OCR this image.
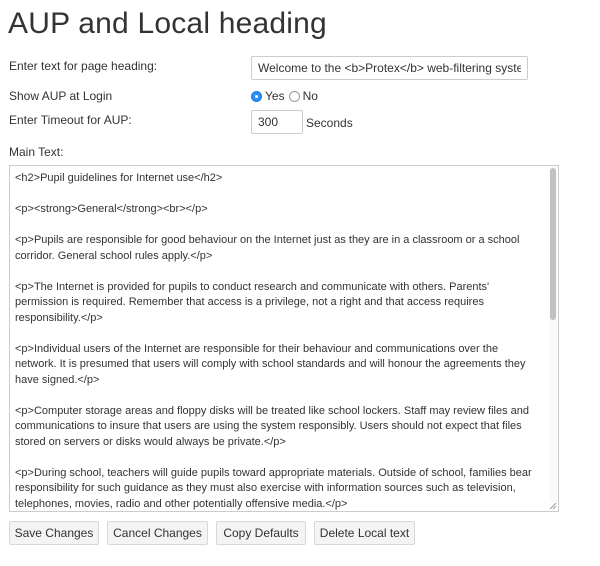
AUP and Local heading
Enter text for page heading:
Welcome to the <b>Protex</b> web-filtering system.
Show AUP at Login	Yes No
Enter Timeout for AUP:
300	Seconds
Main Text:

<h2>Pupil guidelines for Internet use</h2>

<p><strong>General</strong><br></p>

<p>Pupils are responsible for good behaviour on the Internet just as they are in a classroom or a school corridor. General school rules apply.</p>

<p>The Internet is provided for pupils to conduct research and communicate with others. Parents' permission is required. Remember that access is a privilege, not a right and that access requires responsibility.</p>

<p>Individual users of the Internet are responsible for their behaviour and communications over the network. It is presumed that users will comply with school standards and will honour the agreements they have signed.</p>

<p>Computer storage areas and floppy disks will be treated like school lockers. Staff may review files and communications to insure that users are using the system responsibly. Users should not expect that files stored on servers or disks would always be private.</p>

<p>During school, teachers will guide pupils toward appropriate materials. Outside of school, families bear responsibility for such guidance as they must also exercise with information sources such as television, telephones, movies, radio and other potentially offensive media.</p>

Save Changes	Cancel Changes	Copy Defaults	Delete Local text
